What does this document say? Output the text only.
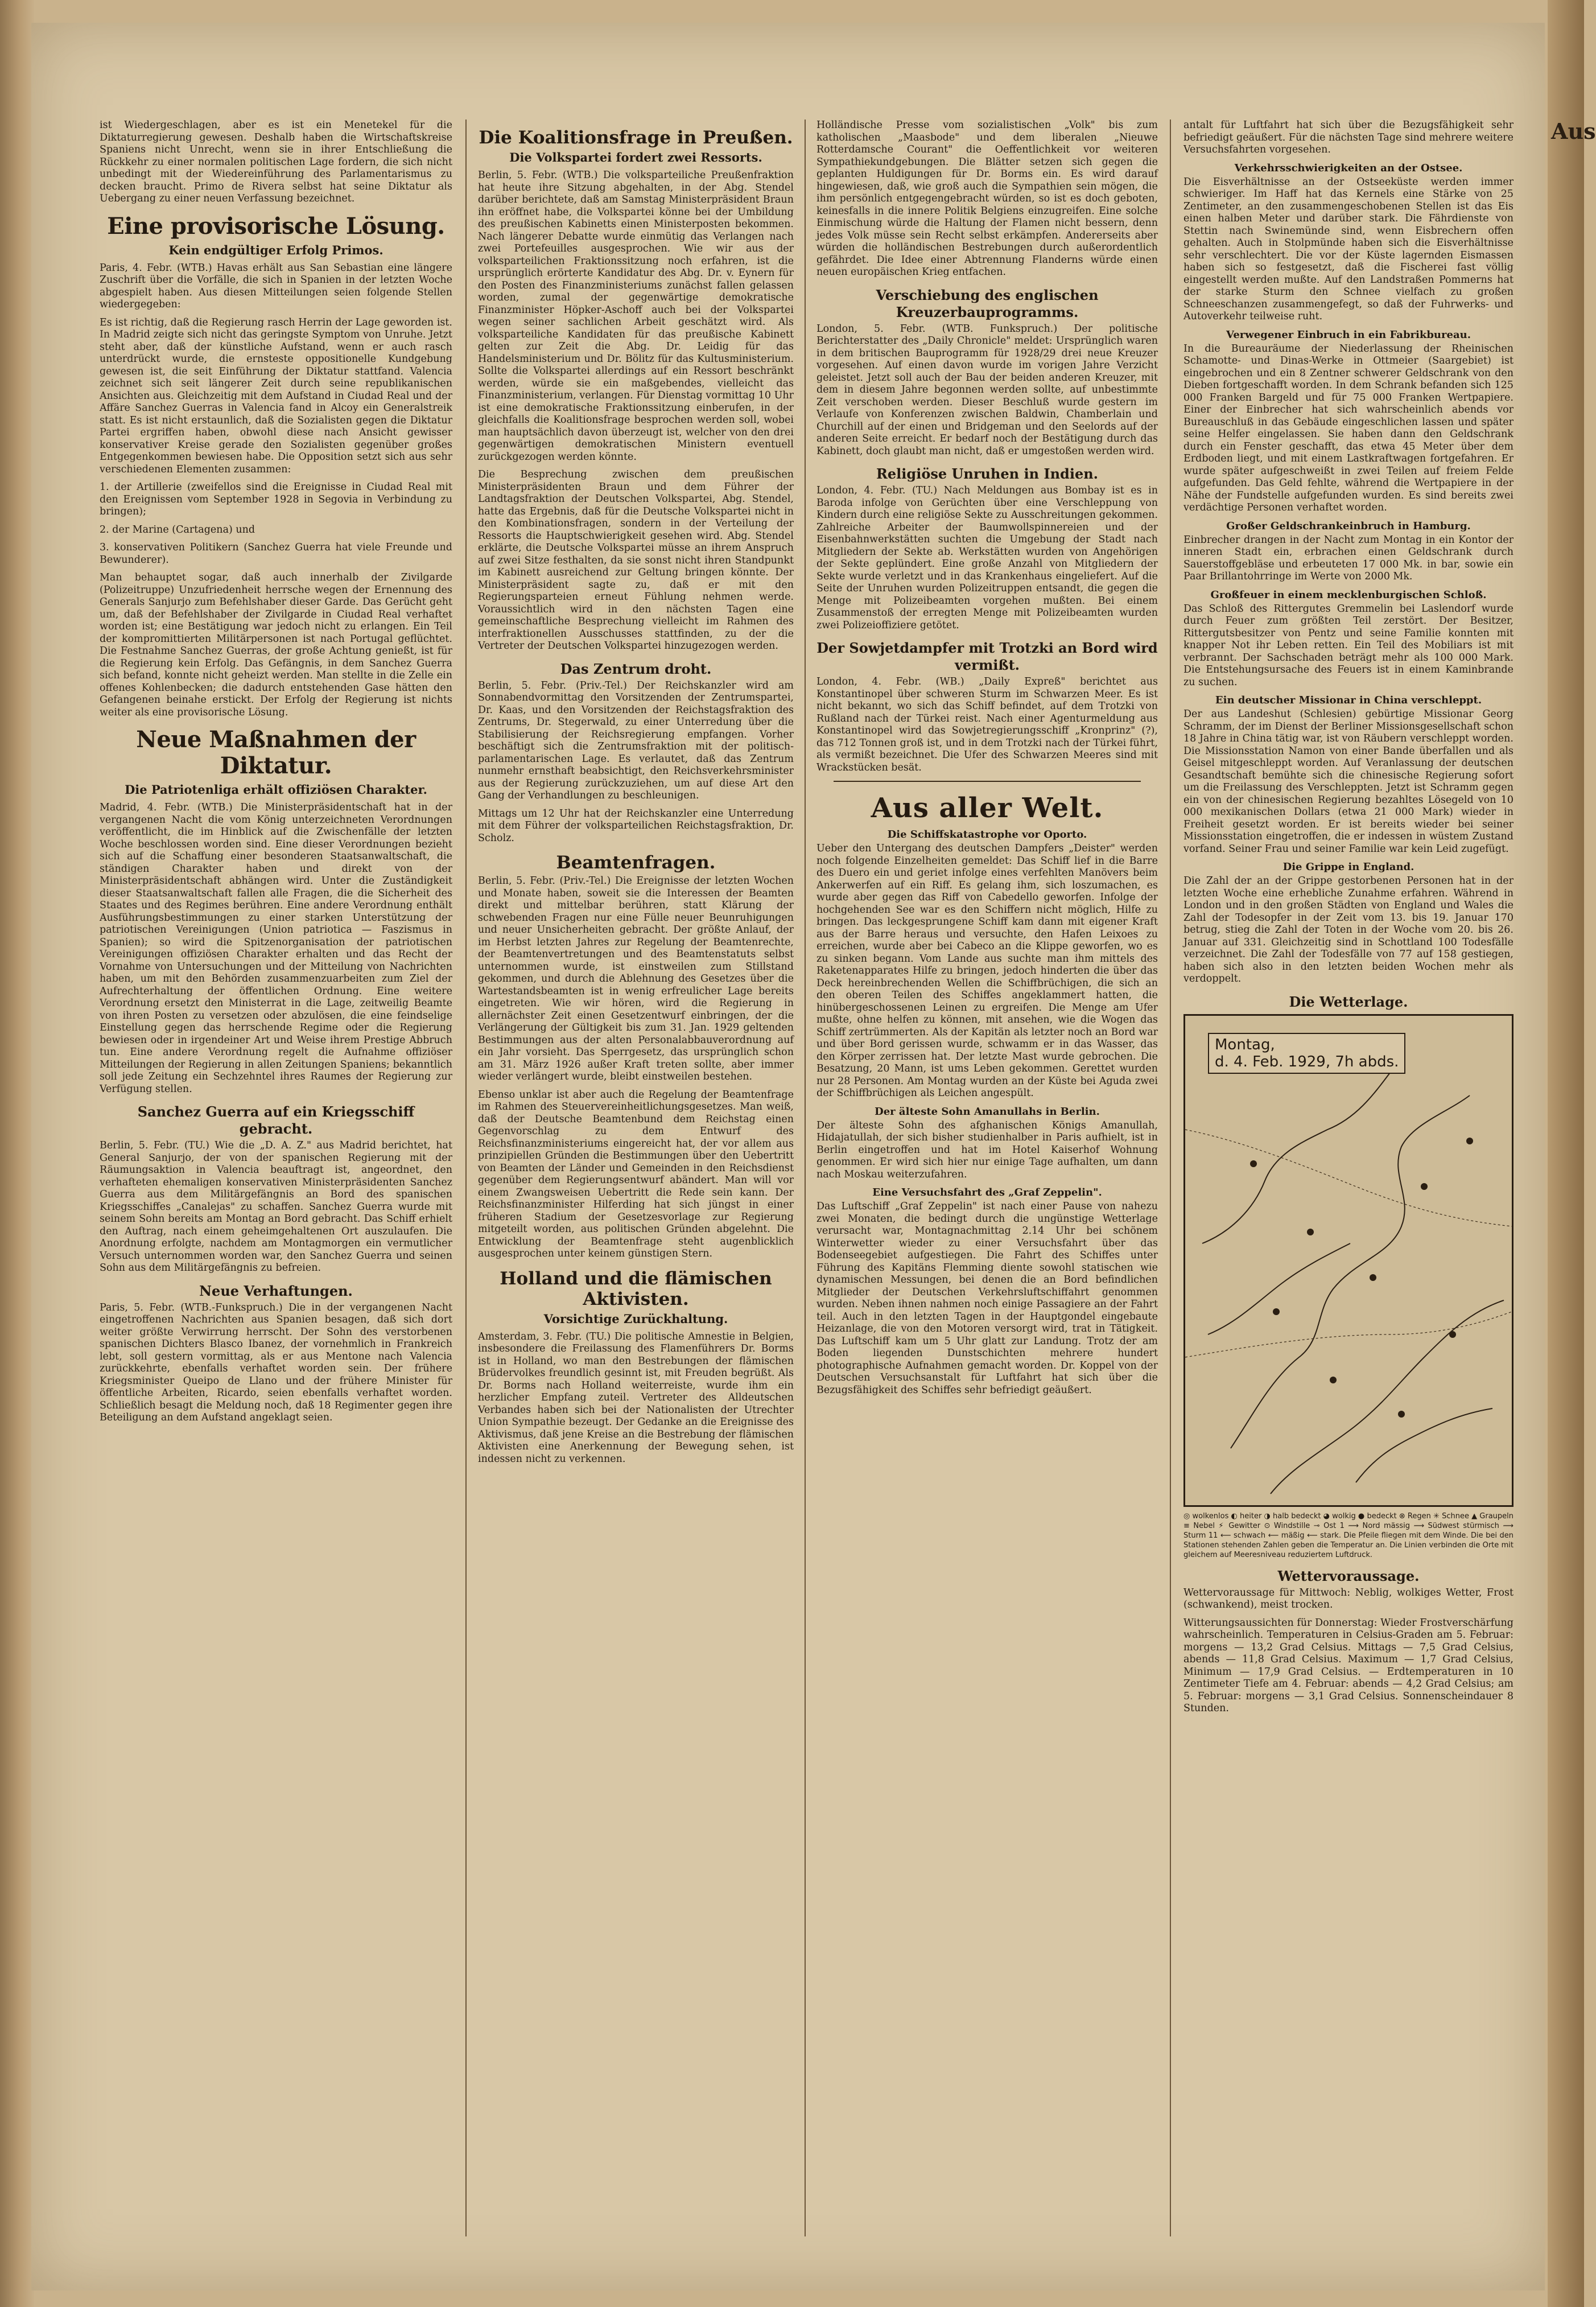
Aus

ist Wiedergeschlagen, aber es ist ein Menetekel für die Diktaturregierung gewesen. Deshalb haben die Wirtschaftskreise Spaniens nicht Unrecht, wenn sie in ihrer Entschließung die Rückkehr zu einer normalen politischen Lage fordern, die sich nicht unbedingt mit der Wiedereinführung des Parlamentarismus zu decken braucht. Primo de Rivera selbst hat seine Diktatur als Uebergang zu einer neuen Verfassung bezeichnet.

Eine provisorische Lösung.
Kein endgültiger Erfolg Primos.

Paris, 4. Febr. (WTB.) Havas erhält aus San Sebastian eine längere Zuschrift über die Vorfälle, die sich in Spanien in der letzten Woche abgespielt haben. Aus diesen Mitteilungen seien folgende Stellen wiedergegeben:

Es ist richtig, daß die Regierung rasch Herrin der Lage geworden ist. In Madrid zeigte sich nicht das geringste Symptom von Unruhe. Jetzt steht aber, daß der künstliche Aufstand, wenn er auch rasch unterdrückt wurde, die ernsteste oppositionelle Kundgebung gewesen ist, die seit Einführung der Diktatur stattfand. Valencia zeichnet sich seit längerer Zeit durch seine republikanischen Ansichten aus. Gleichzeitig mit dem Aufstand in Ciudad Real und der Affäre Sanchez Guerras in Valencia fand in Alcoy ein Generalstreik statt. Es ist nicht erstaunlich, daß die Sozialisten gegen die Diktatur Partei ergriffen haben, obwohl diese nach Ansicht gewisser konservativer Kreise gerade den Sozialisten gegenüber großes Entgegenkommen bewiesen habe. Die Opposition setzt sich aus sehr verschiedenen Elementen zusammen:

1. der Artillerie (zweifellos sind die Ereignisse in Ciudad Real mit den Ereignissen vom September 1928 in Segovia in Verbindung zu bringen);

2. der Marine (Cartagena) und

3. konservativen Politikern (Sanchez Guerra hat viele Freunde und Bewunderer).

Man behauptet sogar, daß auch innerhalb der Zivilgarde (Polizeitruppe) Unzufriedenheit herrsche wegen der Ernennung des Generals Sanjurjo zum Befehlshaber dieser Garde. Das Gerücht geht um, daß der Befehlshaber der Zivilgarde in Ciudad Real verhaftet worden ist; eine Bestätigung war jedoch nicht zu erlangen. Ein Teil der kompromittierten Militärpersonen ist nach Portugal geflüchtet. Die Festnahme Sanchez Guerras, der große Achtung genießt, ist für die Regierung kein Erfolg. Das Gefängnis, in dem Sanchez Guerra sich befand, konnte nicht geheizt werden. Man stellte in die Zelle ein offenes Kohlenbecken; die dadurch entstehenden Gase hätten den Gefangenen beinahe erstickt. Der Erfolg der Regierung ist nichts weiter als eine provisorische Lösung.

Neue Maßnahmen der Diktatur.
Die Patriotenliga erhält offiziösen Charakter.

Madrid, 4. Febr. (WTB.) Die Ministerpräsidentschaft hat in der vergangenen Nacht die vom König unterzeichneten Verordnungen veröffentlicht, die im Hinblick auf die Zwischenfälle der letzten Woche beschlossen worden sind. Eine dieser Verordnungen bezieht sich auf die Schaffung einer besonderen Staatsanwaltschaft, die ständigen Charakter haben und direkt von der Ministerpräsidentschaft abhängen wird. Unter die Zuständigkeit dieser Staatsanwaltschaft fallen alle Fragen, die die Sicherheit des Staates und des Regimes berühren. Eine andere Verordnung enthält Ausführungsbestimmungen zu einer starken Unterstützung der patriotischen Vereinigungen (Union patriotica — Faszismus in Spanien); so wird die Spitzenorganisation der patriotischen Vereinigungen offiziösen Charakter erhalten und das Recht der Vornahme von Untersuchungen und der Mitteilung von Nachrichten haben, um mit den Behörden zusammenzuarbeiten zum Ziel der Aufrechterhaltung der öffentlichen Ordnung. Eine weitere Verordnung ersetzt den Ministerrat in die Lage, zeitweilig Beamte von ihren Posten zu versetzen oder abzulösen, die eine feindselige Einstellung gegen das herrschende Regime oder die Regierung bewiesen oder in irgendeiner Art und Weise ihrem Prestige Abbruch tun. Eine andere Verordnung regelt die Aufnahme offiziöser Mitteilungen der Regierung in allen Zeitungen Spaniens; bekanntlich soll jede Zeitung ein Sechzehntel ihres Raumes der Regierung zur Verfügung stellen.

Sanchez Guerra auf ein Kriegsschiff gebracht.

Berlin, 5. Febr. (TU.) Wie die „D. A. Z." aus Madrid berichtet, hat General Sanjurjo, der von der spanischen Regierung mit der Räumungsaktion in Valencia beauftragt ist, angeordnet, den verhafteten ehemaligen konservativen Ministerpräsidenten Sanchez Guerra aus dem Militärgefängnis an Bord des spanischen Kriegsschiffes „Canalejas" zu schaffen. Sanchez Guerra wurde mit seinem Sohn bereits am Montag an Bord gebracht. Das Schiff erhielt den Auftrag, nach einem geheimgehaltenen Ort auszulaufen. Die Anordnung erfolgte, nachdem am Montagmorgen ein vermutlicher Versuch unternommen worden war, den Sanchez Guerra und seinen Sohn aus dem Militärgefängnis zu befreien.

Neue Verhaftungen.

Paris, 5. Febr. (WTB.-Funkspruch.) Die in der vergangenen Nacht eingetroffenen Nachrichten aus Spanien besagen, daß sich dort weiter größte Verwirrung herrscht. Der Sohn des verstorbenen spanischen Dichters Blasco Ibanez, der vornehmlich in Frankreich lebt, soll gestern vormittag, als er aus Mentone nach Valencia zurückkehrte, ebenfalls verhaftet worden sein. Der frühere Kriegsminister Queipo de Llano und der frühere Minister für öffentliche Arbeiten, Ricardo, seien ebenfalls verhaftet worden. Schließlich besagt die Meldung noch, daß 18 Regimenter gegen ihre Beteiligung an dem Aufstand angeklagt seien.

Die Koalitionsfrage in Preußen.
Die Volkspartei fordert zwei Ressorts.

Berlin, 5. Febr. (WTB.) Die volksparteiliche Preußenfraktion hat heute ihre Sitzung abgehalten, in der Abg. Stendel darüber berichtete, daß am Samstag Ministerpräsident Braun ihn eröffnet habe, die Volkspartei könne bei der Umbildung des preußischen Kabinetts einen Ministerposten bekommen. Nach längerer Debatte wurde einmütig das Verlangen nach zwei Portefeuilles ausgesprochen. Wie wir aus der volksparteilichen Fraktionssitzung noch erfahren, ist die ursprünglich erörterte Kandidatur des Abg. Dr. v. Eynern für den Posten des Finanzministeriums zunächst fallen gelassen worden, zumal der gegenwärtige demokratische Finanzminister Höpker-Aschoff auch bei der Volkspartei wegen seiner sachlichen Arbeit geschätzt wird. Als volksparteiliche Kandidaten für das preußische Kabinett gelten zur Zeit die Abg. Dr. Leidig für das Handelsministerium und Dr. Bölitz für das Kultusministerium. Sollte die Volkspartei allerdings auf ein Ressort beschränkt werden, würde sie ein maßgebendes, vielleicht das Finanzministerium, verlangen. Für Dienstag vormittag 10 Uhr ist eine demokratische Fraktionssitzung einberufen, in der gleichfalls die Koalitionsfrage besprochen werden soll, wobei man hauptsächlich davon überzeugt ist, welcher von den drei gegenwärtigen demokratischen Ministern eventuell zurückgezogen werden könnte.

Die Besprechung zwischen dem preußischen Ministerpräsidenten Braun und dem Führer der Landtagsfraktion der Deutschen Volkspartei, Abg. Stendel, hatte das Ergebnis, daß für die Deutsche Volkspartei nicht in den Kombinationsfragen, sondern in der Verteilung der Ressorts die Hauptschwierigkeit gesehen wird. Abg. Stendel erklärte, die Deutsche Volkspartei müsse an ihrem Anspruch auf zwei Sitze festhalten, da sie sonst nicht ihren Standpunkt im Kabinett ausreichend zur Geltung bringen könnte. Der Ministerpräsident sagte zu, daß er mit den Regierungsparteien erneut Fühlung nehmen werde. Voraussichtlich wird in den nächsten Tagen eine gemeinschaftliche Besprechung vielleicht im Rahmen des interfraktionellen Ausschusses stattfinden, zu der die Vertreter der Deutschen Volkspartei hinzugezogen werden.

Das Zentrum droht.

Berlin, 5. Febr. (Priv.-Tel.) Der Reichskanzler wird am Sonnabendvormittag den Vorsitzenden der Zentrumspartei, Dr. Kaas, und den Vorsitzenden der Reichstagsfraktion des Zentrums, Dr. Stegerwald, zu einer Unterredung über die Stabilisierung der Reichsregierung empfangen. Vorher beschäftigt sich die Zentrumsfraktion mit der politisch-parlamentarischen Lage. Es verlautet, daß das Zentrum nunmehr ernsthaft beabsichtigt, den Reichsverkehrsminister aus der Regierung zurückzuziehen, um auf diese Art den Gang der Verhandlungen zu beschleunigen.

Mittags um 12 Uhr hat der Reichskanzler eine Unterredung mit dem Führer der volksparteilichen Reichstagsfraktion, Dr. Scholz.

Beamtenfragen.

Berlin, 5. Febr. (Priv.-Tel.) Die Ereignisse der letzten Wochen und Monate haben, soweit sie die Interessen der Beamten direkt und mittelbar berühren, statt Klärung der schwebenden Fragen nur eine Fülle neuer Beunruhigungen und neuer Unsicherheiten gebracht. Der größte Anlauf, der im Herbst letzten Jahres zur Regelung der Beamtenrechte, der Beamtenvertretungen und des Beamtenstatuts selbst unternommen wurde, ist einstweilen zum Stillstand gekommen, und durch die Ablehnung des Gesetzes über die Wartestandsbeamten ist in wenig erfreulicher Lage bereits eingetreten. Wie wir hören, wird die Regierung in allernächster Zeit einen Gesetzentwurf einbringen, der die Verlängerung der Gültigkeit bis zum 31. Jan. 1929 geltenden Bestimmungen aus der alten Personalabbauverordnung auf ein Jahr vorsieht. Das Sperrgesetz, das ursprünglich schon am 31. März 1926 außer Kraft treten sollte, aber immer wieder verlängert wurde, bleibt einstweilen bestehen.

Ebenso unklar ist aber auch die Regelung der Beamtenfrage im Rahmen des Steuervereinheitlichungsgesetzes. Man weiß, daß der Deutsche Beamtenbund dem Reichstag einen Gegenvorschlag zu dem Entwurf des Reichsfinanzministeriums eingereicht hat, der vor allem aus prinzipiellen Gründen die Bestimmungen über den Uebertritt von Beamten der Länder und Gemeinden in den Reichsdienst gegenüber dem Regierungsentwurf abändert. Man will vor einem Zwangsweisen Uebertritt die Rede sein kann. Der Reichsfinanzminister Hilferding hat sich jüngst in einer früheren Stadium der Gesetzesvorlage zur Regierung mitgeteilt worden, aus politischen Gründen abgelehnt. Die Entwicklung der Beamtenfrage steht augenblicklich ausgesprochen unter keinem günstigen Stern.

Holland und die flämischen Aktivisten.
Vorsichtige Zurückhaltung.

Amsterdam, 3. Febr. (TU.) Die politische Amnestie in Belgien, insbesondere die Freilassung des Flamenführers Dr. Borms ist in Holland, wo man den Bestrebungen der flämischen Brüdervolkes freundlich gesinnt ist, mit Freuden begrüßt. Als Dr. Borms nach Holland weiterreiste, wurde ihm ein herzlicher Empfang zuteil. Vertreter des Alldeutschen Verbandes haben sich bei der Nationalisten der Utrechter Union Sympathie bezeugt. Der Gedanke an die Ereignisse des Aktivismus, daß jene Kreise an die Bestrebung der flämischen Aktivisten eine Anerkennung der Bewegung sehen, ist indessen nicht zu verkennen.

Holländische Presse vom sozialistischen „Volk" bis zum katholischen „Maasbode" und dem liberalen „Nieuwe Rotterdamsche Courant" die Oeffentlichkeit vor weiteren Sympathiekundgebungen. Die Blätter setzen sich gegen die geplanten Huldigungen für Dr. Borms ein. Es wird darauf hingewiesen, daß, wie groß auch die Sympathien sein mögen, die ihm persönlich entgegengebracht würden, so ist es doch geboten, keinesfalls in die innere Politik Belgiens einzugreifen. Eine solche Einmischung würde die Haltung der Flamen nicht bessern, denn jedes Volk müsse sein Recht selbst erkämpfen. Andererseits aber würden die holländischen Bestrebungen durch außerordentlich gefährdet. Die Idee einer Abtrennung Flanderns würde einen neuen europäischen Krieg entfachen.

Verschiebung des englischen Kreuzerbauprogramms.

London, 5. Febr. (WTB. Funkspruch.) Der politische Berichterstatter des „Daily Chronicle" meldet: Ursprünglich waren in dem britischen Bauprogramm für 1928/29 drei neue Kreuzer vorgesehen. Auf einen davon wurde im vorigen Jahre Verzicht geleistet. Jetzt soll auch der Bau der beiden anderen Kreuzer, mit dem in diesem Jahre begonnen werden sollte, auf unbestimmte Zeit verschoben werden. Dieser Beschluß wurde gestern im Verlaufe von Konferenzen zwischen Baldwin, Chamberlain und Churchill auf der einen und Bridgeman und den Seelords auf der anderen Seite erreicht. Er bedarf noch der Bestätigung durch das Kabinett, doch glaubt man nicht, daß er umgestoßen werden wird.

Religiöse Unruhen in Indien.

London, 4. Febr. (TU.) Nach Meldungen aus Bombay ist es in Baroda infolge von Gerüchten über eine Verschleppung von Kindern durch eine religiöse Sekte zu Ausschreitungen gekommen. Zahlreiche Arbeiter der Baumwollspinnereien und der Eisenbahnwerkstätten suchten die Umgebung der Stadt nach Mitgliedern der Sekte ab. Werkstätten wurden von Angehörigen der Sekte geplündert. Eine große Anzahl von Mitgliedern der Sekte wurde verletzt und in das Krankenhaus eingeliefert. Auf die Seite der Unruhen wurden Polizeitruppen entsandt, die gegen die Menge mit Polizeibeamten vorgehen mußten. Bei einem Zusammenstoß der erregten Menge mit Polizeibeamten wurden zwei Polizeioffiziere getötet.

Der Sowjetdampfer mit Trotzki an Bord wird vermißt.

London, 4. Febr. (WB.) „Daily Expreß" berichtet aus Konstantinopel über schweren Sturm im Schwarzen Meer. Es ist nicht bekannt, wo sich das Schiff befindet, auf dem Trotzki von Rußland nach der Türkei reist. Nach einer Agenturmeldung aus Konstantinopel wird das Sowjetregierungsschiff „Kronprinz" (?), das 712 Tonnen groß ist, und in dem Trotzki nach der Türkei führt, als vermißt bezeichnet. Die Ufer des Schwarzen Meeres sind mit Wrackstücken besät.

Aus aller Welt.
Die Schiffskatastrophe vor Oporto.

Ueber den Untergang des deutschen Dampfers „Deister" werden noch folgende Einzelheiten gemeldet: Das Schiff lief in die Barre des Duero ein und geriet infolge eines verfehlten Manövers beim Ankerwerfen auf ein Riff. Es gelang ihm, sich loszumachen, es wurde aber gegen das Riff von Cabedello geworfen. Infolge der hochgehenden See war es den Schiffern nicht möglich, Hilfe zu bringen. Das leckgesprungene Schiff kam dann mit eigener Kraft aus der Barre heraus und versuchte, den Hafen Leixoes zu erreichen, wurde aber bei Cabeco an die Klippe geworfen, wo es zu sinken begann. Vom Lande aus suchte man ihm mittels des Raketenapparates Hilfe zu bringen, jedoch hinderten die über das Deck hereinbrechenden Wellen die Schiffbrüchigen, die sich an den oberen Teilen des Schiffes angeklammert hatten, die hinübergeschossenen Leinen zu ergreifen. Die Menge am Ufer mußte, ohne helfen zu können, mit ansehen, wie die Wogen das Schiff zertrümmerten. Als der Kapitän als letzter noch an Bord war und über Bord gerissen wurde, schwamm er in das Wasser, das den Körper zerrissen hat. Der letzte Mast wurde gebrochen. Die Besatzung, 20 Mann, ist ums Leben gekommen. Gerettet wurden nur 28 Personen. Am Montag wurden an der Küste bei Aguda zwei der Schiffbrüchigen als Leichen angespült.

Der älteste Sohn Amanullahs in Berlin.

Der älteste Sohn des afghanischen Königs Amanullah, Hidajatullah, der sich bisher studienhalber in Paris aufhielt, ist in Berlin eingetroffen und hat im Hotel Kaiserhof Wohnung genommen. Er wird sich hier nur einige Tage aufhalten, um dann nach Moskau weiterzufahren.

Eine Versuchsfahrt des „Graf Zeppelin".

Das Luftschiff „Graf Zeppelin" ist nach einer Pause von nahezu zwei Monaten, die bedingt durch die ungünstige Wetterlage verursacht war, Montagnachmittag 2.14 Uhr bei schönem Winterwetter wieder zu einer Versuchsfahrt über das Bodenseegebiet aufgestiegen. Die Fahrt des Schiffes unter Führung des Kapitäns Flemming diente sowohl statischen wie dynamischen Messungen, bei denen die an Bord befindlichen Mitglieder der Deutschen Verkehrsluftschiffahrt genommen wurden. Neben ihnen nahmen noch einige Passagiere an der Fahrt teil. Auch in den letzten Tagen in der Hauptgondel eingebaute Heizanlage, die von den Motoren versorgt wird, trat in Tätigkeit. Das Luftschiff kam um 5 Uhr glatt zur Landung. Trotz der am Boden liegenden Dunstschichten mehrere hundert photographische Aufnahmen gemacht worden. Dr. Koppel von der Deutschen Versuchsanstalt für Luftfahrt hat sich über die Bezugsfähigkeit des Schiffes sehr befriedigt geäußert.

antalt für Luftfahrt hat sich über die Bezugsfähigkeit sehr befriedigt geäußert. Für die nächsten Tage sind mehrere weitere Versuchsfahrten vorgesehen.

Verkehrsschwierigkeiten an der Ostsee.

Die Eisverhältnisse an der Ostseeküste werden immer schwieriger. Im Haff hat das Kernels eine Stärke von 25 Zentimeter, an den zusammengeschobenen Stellen ist das Eis einen halben Meter und darüber stark. Die Fährdienste von Stettin nach Swinemünde sind, wenn Eisbrechern offen gehalten. Auch in Stolpmünde haben sich die Eisverhältnisse sehr verschlechtert. Die vor der Küste lagernden Eismassen haben sich so festgesetzt, daß die Fischerei fast völlig eingestellt werden mußte. Auf den Landstraßen Pommerns hat der starke Sturm den Schnee vielfach zu großen Schneeschanzen zusammengefegt, so daß der Fuhrwerks- und Autoverkehr teilweise ruht.

Verwegener Einbruch in ein Fabrikbureau.

In die Bureauräume der Niederlassung der Rheinischen Schamotte- und Dinas-Werke in Ottmeier (Saargebiet) ist eingebrochen und ein 8 Zentner schwerer Geldschrank von den Dieben fortgeschafft worden. In dem Schrank befanden sich 125 000 Franken Bargeld und für 75 000 Franken Wertpapiere. Einer der Einbrecher hat sich wahrscheinlich abends vor Bureauschluß in das Gebäude eingeschlichen lassen und später seine Helfer eingelassen. Sie haben dann den Geldschrank durch ein Fenster geschafft, das etwa 45 Meter über dem Erdboden liegt, und mit einem Lastkraftwagen fortgefahren. Er wurde später aufgeschweißt in zwei Teilen auf freiem Felde aufgefunden. Das Geld fehlte, während die Wertpapiere in der Nähe der Fundstelle aufgefunden wurden. Es sind bereits zwei verdächtige Personen verhaftet worden.

Großer Geldschrankeinbruch in Hamburg.

Einbrecher drangen in der Nacht zum Montag in ein Kontor der inneren Stadt ein, erbrachen einen Geldschrank durch Sauerstoffgebläse und erbeuteten 17 000 Mk. in bar, sowie ein Paar Brillantohrringe im Werte von 2000 Mk.

Großfeuer in einem mecklenburgischen Schloß.

Das Schloß des Rittergutes Gremmelin bei Laslendorf wurde durch Feuer zum größten Teil zerstört. Der Besitzer, Rittergutsbesitzer von Pentz und seine Familie konnten mit knapper Not ihr Leben retten. Ein Teil des Mobiliars ist mit verbrannt. Der Sachschaden beträgt mehr als 100 000 Mark. Die Entstehungsursache des Feuers ist in einem Kaminbrande zu suchen.

Ein deutscher Missionar in China verschleppt.

Der aus Landeshut (Schlesien) gebürtige Missionar Georg Schramm, der im Dienst der Berliner Missionsgesellschaft schon 18 Jahre in China tätig war, ist von Räubern verschleppt worden. Die Missionsstation Namon von einer Bande überfallen und als Geisel mitgeschleppt worden. Auf Veranlassung der deutschen Gesandtschaft bemühte sich die chinesische Regierung sofort um die Freilassung des Verschleppten. Jetzt ist Schramm gegen ein von der chinesischen Regierung bezahltes Lösegeld von 10 000 mexikanischen Dollars (etwa 21 000 Mark) wieder in Freiheit gesetzt worden. Er ist bereits wieder bei seiner Missionsstation eingetroffen, die er indessen in wüstem Zustand vorfand. Seiner Frau und seiner Familie war kein Leid zugefügt.

Die Grippe in England.

Die Zahl der an der Grippe gestorbenen Personen hat in der letzten Woche eine erhebliche Zunahme erfahren. Während in London und in den großen Städten von England und Wales die Zahl der Todesopfer in der Zeit vom 13. bis 19. Januar 170 betrug, stieg die Zahl der Toten in der Woche vom 20. bis 26. Januar auf 331. Gleichzeitig sind in Schottland 100 Todesfälle verzeichnet. Die Zahl der Todesfälle von 77 auf 158 gestiegen, haben sich also in den letzten beiden Wochen mehr als verdoppelt.

Die Wetterlage.
Montag,
d. 4. Feb. 1929, 7h abds.

◎ wolkenlos ◐ heiter ◑ halb bedeckt ◕ wolkig ● bedeckt ⊗ Regen ✳ Schnee ▲ Graupeln ≡ Nebel ⚡ Gewitter ⊙ Windstille ⊸ Ost 1 ⟿ Nord mässig ⟿ Südwest stürmisch ⟿ Sturm 11 ⟵ schwach ⟵ mäßig ⟵ stark. Die Pfeile fliegen mit dem Winde. Die bei den Stationen stehenden Zahlen geben die Temperatur an. Die Linien verbinden die Orte mit gleichem auf Meeresniveau reduziertem Luftdruck.

Wettervoraussage.

Wettervoraussage für Mittwoch: Neblig, wolkiges Wetter, Frost (schwankend), meist trocken.

Witterungsaussichten für Donnerstag: Wieder Frostverschärfung wahrscheinlich. Temperaturen in Celsius-Graden am 5. Februar: morgens — 13,2 Grad Celsius. Mittags — 7,5 Grad Celsius, abends — 11,8 Grad Celsius. Maximum — 1,7 Grad Celsius, Minimum — 17,9 Grad Celsius. — Erdtemperaturen in 10 Zentimeter Tiefe am 4. Februar: abends — 4,2 Grad Celsius; am 5. Februar: morgens — 3,1 Grad Celsius. Sonnenscheindauer 8 Stunden.
